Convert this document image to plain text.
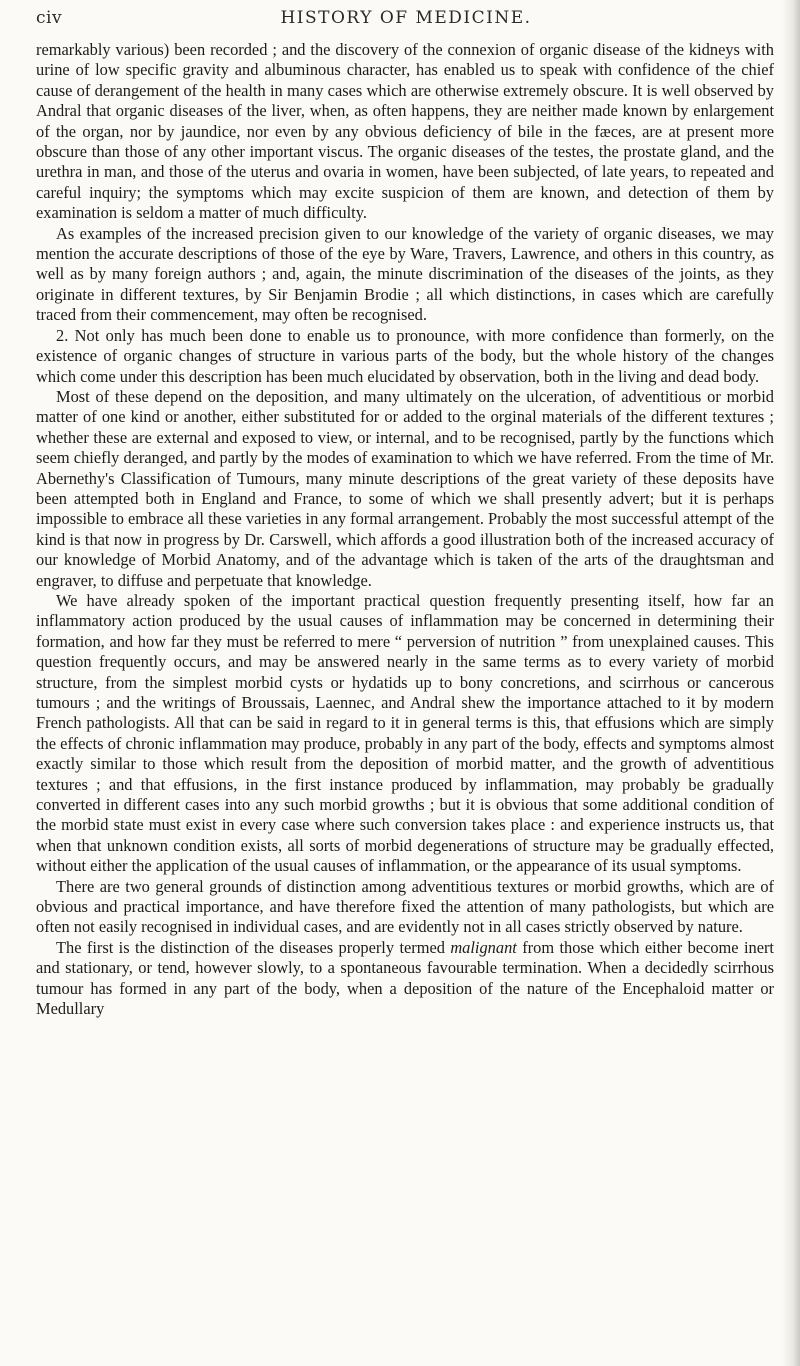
civ	HISTORY OF MEDICINE.

remarkably various) been recorded ; and the discovery of the connexion of organic disease of the kidneys with urine of low specific gravity and albuminous character, has enabled us to speak with confidence of the chief cause of derangement of the health in many cases which are otherwise extremely obscure. It is well observed by Andral that organic diseases of the liver, when, as often happens, they are neither made known by enlargement of the organ, nor by jaundice, nor even by any obvious deficiency of bile in the fæces, are at present more obscure than those of any other important viscus. The organic diseases of the testes, the prostate gland, and the urethra in man, and those of the uterus and ovaria in women, have been subjected, of late years, to repeated and careful inquiry; the symptoms which may excite suspicion of them are known, and detection of them by examination is seldom a matter of much difficulty.

As examples of the increased precision given to our knowledge of the variety of organic diseases, we may mention the accurate descriptions of those of the eye by Ware, Travers, Lawrence, and others in this country, as well as by many foreign authors ; and, again, the minute discrimination of the diseases of the joints, as they originate in different textures, by Sir Benjamin Brodie ; all which distinctions, in cases which are carefully traced from their commencement, may often be recognised.

2. Not only has much been done to enable us to pronounce, with more confidence than formerly, on the existence of organic changes of structure in various parts of the body, but the whole history of the changes which come under this description has been much elucidated by observation, both in the living and dead body.

Most of these depend on the deposition, and many ultimately on the ulceration, of adventitious or morbid matter of one kind or another, either substituted for or added to the orginal materials of the different textures ; whether these are external and exposed to view, or internal, and to be recognised, partly by the functions which seem chiefly deranged, and partly by the modes of examination to which we have referred. From the time of Mr. Abernethy's Classification of Tumours, many minute descriptions of the great variety of these deposits have been attempted both in England and France, to some of which we shall presently advert; but it is perhaps impossible to embrace all these varieties in any formal arrangement. Probably the most successful attempt of the kind is that now in progress by Dr. Carswell, which affords a good illustration both of the increased accuracy of our knowledge of Morbid Anatomy, and of the advantage which is taken of the arts of the draughtsman and engraver, to diffuse and perpetuate that knowledge.

We have already spoken of the important practical question frequently presenting itself, how far an inflammatory action produced by the usual causes of inflammation may be concerned in determining their formation, and how far they must be referred to mere “ perversion of nutrition ” from unexplained causes. This question frequently occurs, and may be answered nearly in the same terms as to every variety of morbid structure, from the simplest morbid cysts or hydatids up to bony concretions, and scirrhous or cancerous tumours ; and the writings of Broussais, Laennec, and Andral shew the importance attached to it by modern French pathologists. All that can be said in regard to it in general terms is this, that effusions which are simply the effects of chronic inflammation may produce, probably in any part of the body, effects and symptoms almost exactly similar to those which result from the deposition of morbid matter, and the growth of adventitious textures ; and that effusions, in the first instance produced by inflammation, may probably be gradually converted in different cases into any such morbid growths ; but it is obvious that some additional condition of the morbid state must exist in every case where such conversion takes place : and experience instructs us, that when that unknown condition exists, all sorts of morbid degenerations of structure may be gradually effected, without either the application of the usual causes of inflammation, or the appearance of its usual symptoms.

There are two general grounds of distinction among adventitious textures or morbid growths, which are of obvious and practical importance, and have therefore fixed the attention of many pathologists, but which are often not easily recognised in individual cases, and are evidently not in all cases strictly observed by nature.

The first is the distinction of the diseases properly termed malignant from those which either become inert and stationary, or tend, however slowly, to a spontaneous favourable termination. When a decidedly scirrhous tumour has formed in any part of the body, when a deposition of the nature of the Encephaloid matter or Medullary
